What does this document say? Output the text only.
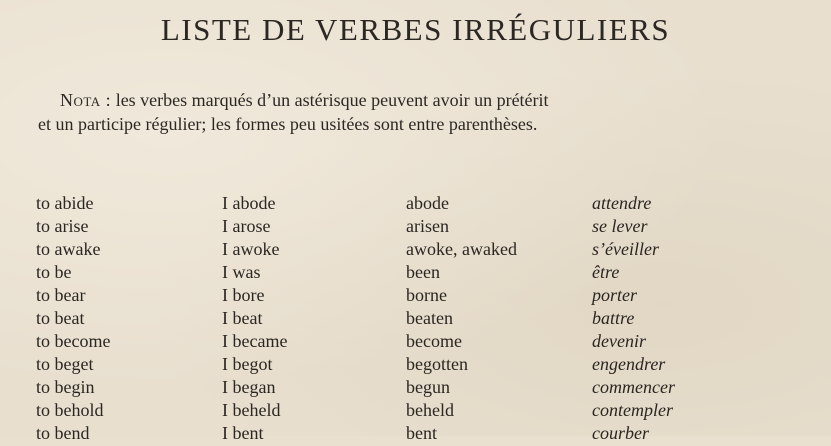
LISTE DE VERBES IRRÉGULIERS
Nota : les verbes marqués d’un astérisque peuvent avoir un prétérit
et un participe régulier; les formes peu usitées sont entre parenthèses.
to abide	I abode	abode	attendre
to arise	I arose	arisen	se lever
to awake	I awoke	awoke, awaked	s’éveiller
to be	I was	been	être
to bear	I bore	borne	porter
to beat	I beat	beaten	battre
to become	I became	become	devenir
to beget	I begot	begotten	engendrer
to begin	I began	begun	commencer
to behold	I beheld	beheld	contempler
to bend	I bent	bent	courber
